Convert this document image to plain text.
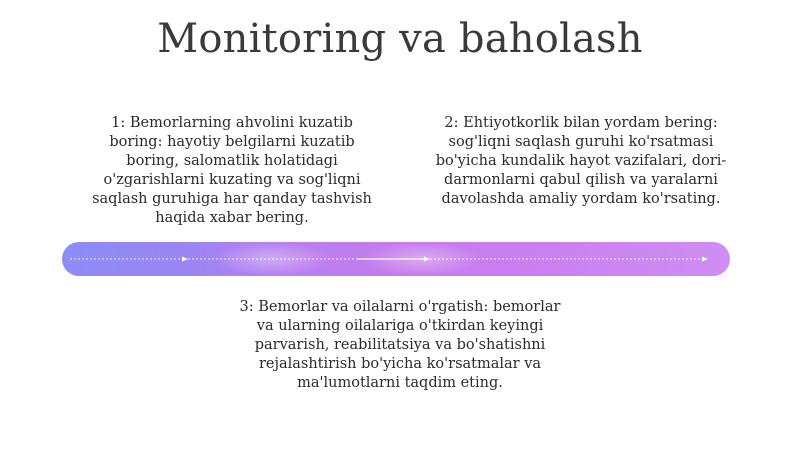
Monitoring va baholash
1: Bemorlarning ahvolini kuzatib boring: hayotiy belgilarni kuzatib boring, salomatlik holatidagi o'zgarishlarni kuzating va sog'liqni saqlash guruhiga har qanday tashvish haqida xabar bering.
2: Ehtiyotkorlik bilan yordam bering: sog'liqni saqlash guruhi ko'rsatmasi bo'yicha kundalik hayot vazifalari, dori-darmonlarni qabul qilish va yaralarni davolashda amaliy yordam ko'rsating.
3: Bemorlar va oilalarni o'rgatish: bemorlar va ularning oilalariga o'tkirdan keyingi parvarish, reabilitatsiya va bo'shatishni rejalashtirish bo'yicha ko'rsatmalar va ma'lumotlarni taqdim eting.
